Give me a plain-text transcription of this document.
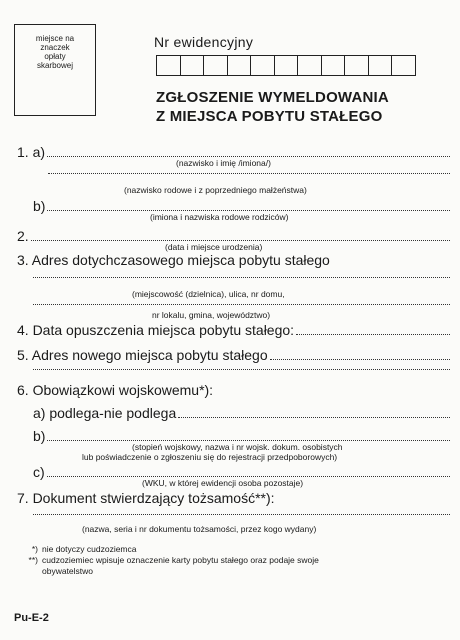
miejsce na
znaczek
opłaty
skarbowej
Nr ewidencyjny
ZGŁOSZENIE WYMELDOWANIA
Z MIEJSCA POBYTU STAŁEGO
1. a)
(nazwisko i imię /imiona/)
(nazwisko rodowe i z poprzedniego małżeństwa)
b)
(imiona i nazwiska rodowe rodziców)
2.
(data i miejsce urodzenia)
3. Adres dotychczasowego miejsca pobytu stałego
(miejscowość (dzielnica), ulica, nr domu,
nr lokalu, gmina, województwo)
4. Data opuszczenia miejsca pobytu stałego:
5. Adres nowego miejsca pobytu stałego
6. Obowiązkowi wojskowemu*):
a) podlega-nie podlega
b)
(stopień wojskowy, nazwa i nr wojsk. dokum. osobistych
lub poświadczenie o zgłoszeniu się do rejestracji przedpoborowych)
c)
(WKU, w której ewidencji osoba pozostaje)
7. Dokument stwierdzający tożsamość**):
(nazwa, seria i nr dokumentu tożsamości, przez kogo wydany)
*) nie dotyczy cudzoziemca
**) cudzoziemiec wpisuje oznaczenie karty pobytu stałego oraz podaje swoje
obywatelstwo
Pu-E-2
